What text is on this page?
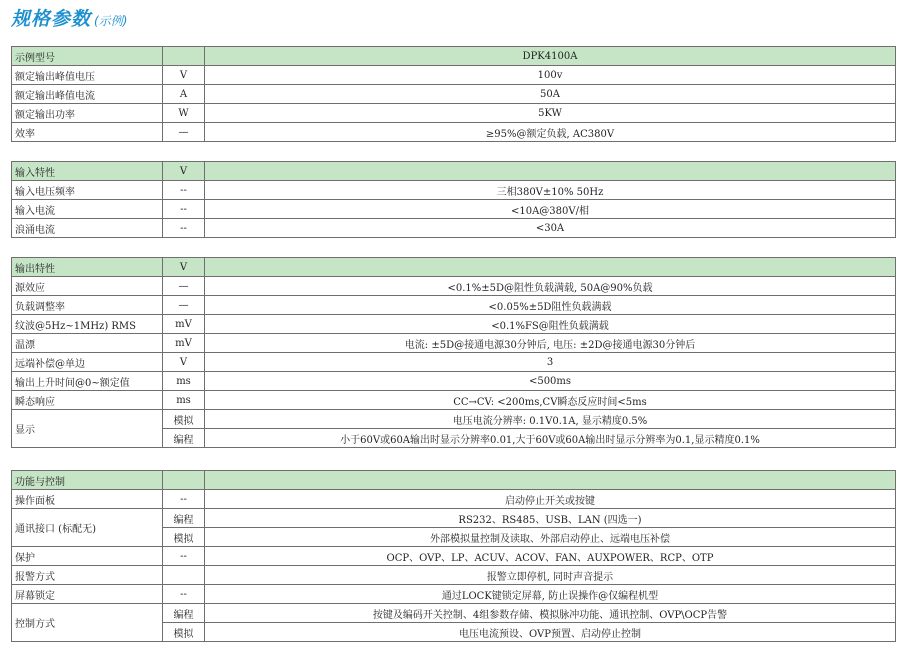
规格参数 (示例)
示例型号		DPK4100A
额定输出峰值电压	V	100v
额定输出峰值电流	A	50A
额定输出功率	W	5KW
效率	—	≥95%@额定负载, AC380V
输入特性	V	
输入电压频率	--	三相380V±10% 50Hz
输入电流	--	<10A@380V/相
浪涌电流	--	<30A
输出特性	V	
源效应	—	<0.1%±5D@阻性负载满载, 50A@90%负载
负载调整率	—	<0.05%±5D阻性负载满载
纹波@5Hz~1MHz) RMS	mV	<0.1%FS@阻性负载满载
温漂	mV	电流: ±5D@接通电源30分钟后, 电压: ±2D@接通电源30分钟后
远端补偿@单边	V	3
输出上升时间@0~额定值	ms	<500ms
瞬态响应	ms	CC→CV: <200ms,CV瞬态反应时间<5ms
显示	模拟	电压电流分辨率: 0.1V0.1A, 显示精度0.5%
	编程	小于60V或60A输出时显示分辨率0.01,大于60V或60A输出时显示分辨率为0.1,显示精度0.1%
功能与控制		
操作面板	--	启动停止开关或按键
通讯接口 (标配无)	编程	RS232、RS485、USB、LAN (四选一)
	模拟	外部模拟量控制及读取、外部启动停止、远端电压补偿
保护	--	OCP、OVP、LP、ACUV、ACOV、FAN、AUXPOWER、RCP、OTP
报警方式		报警立即停机, 同时声音提示
屏幕锁定	--	通过LOCK键锁定屏幕, 防止误操作@仅编程机型
控制方式	编程	按键及编码开关控制、4组参数存储、模拟脉冲功能、通讯控制、OVP\OCP告警
	模拟	电压电流预设、OVP预置、启动停止控制
